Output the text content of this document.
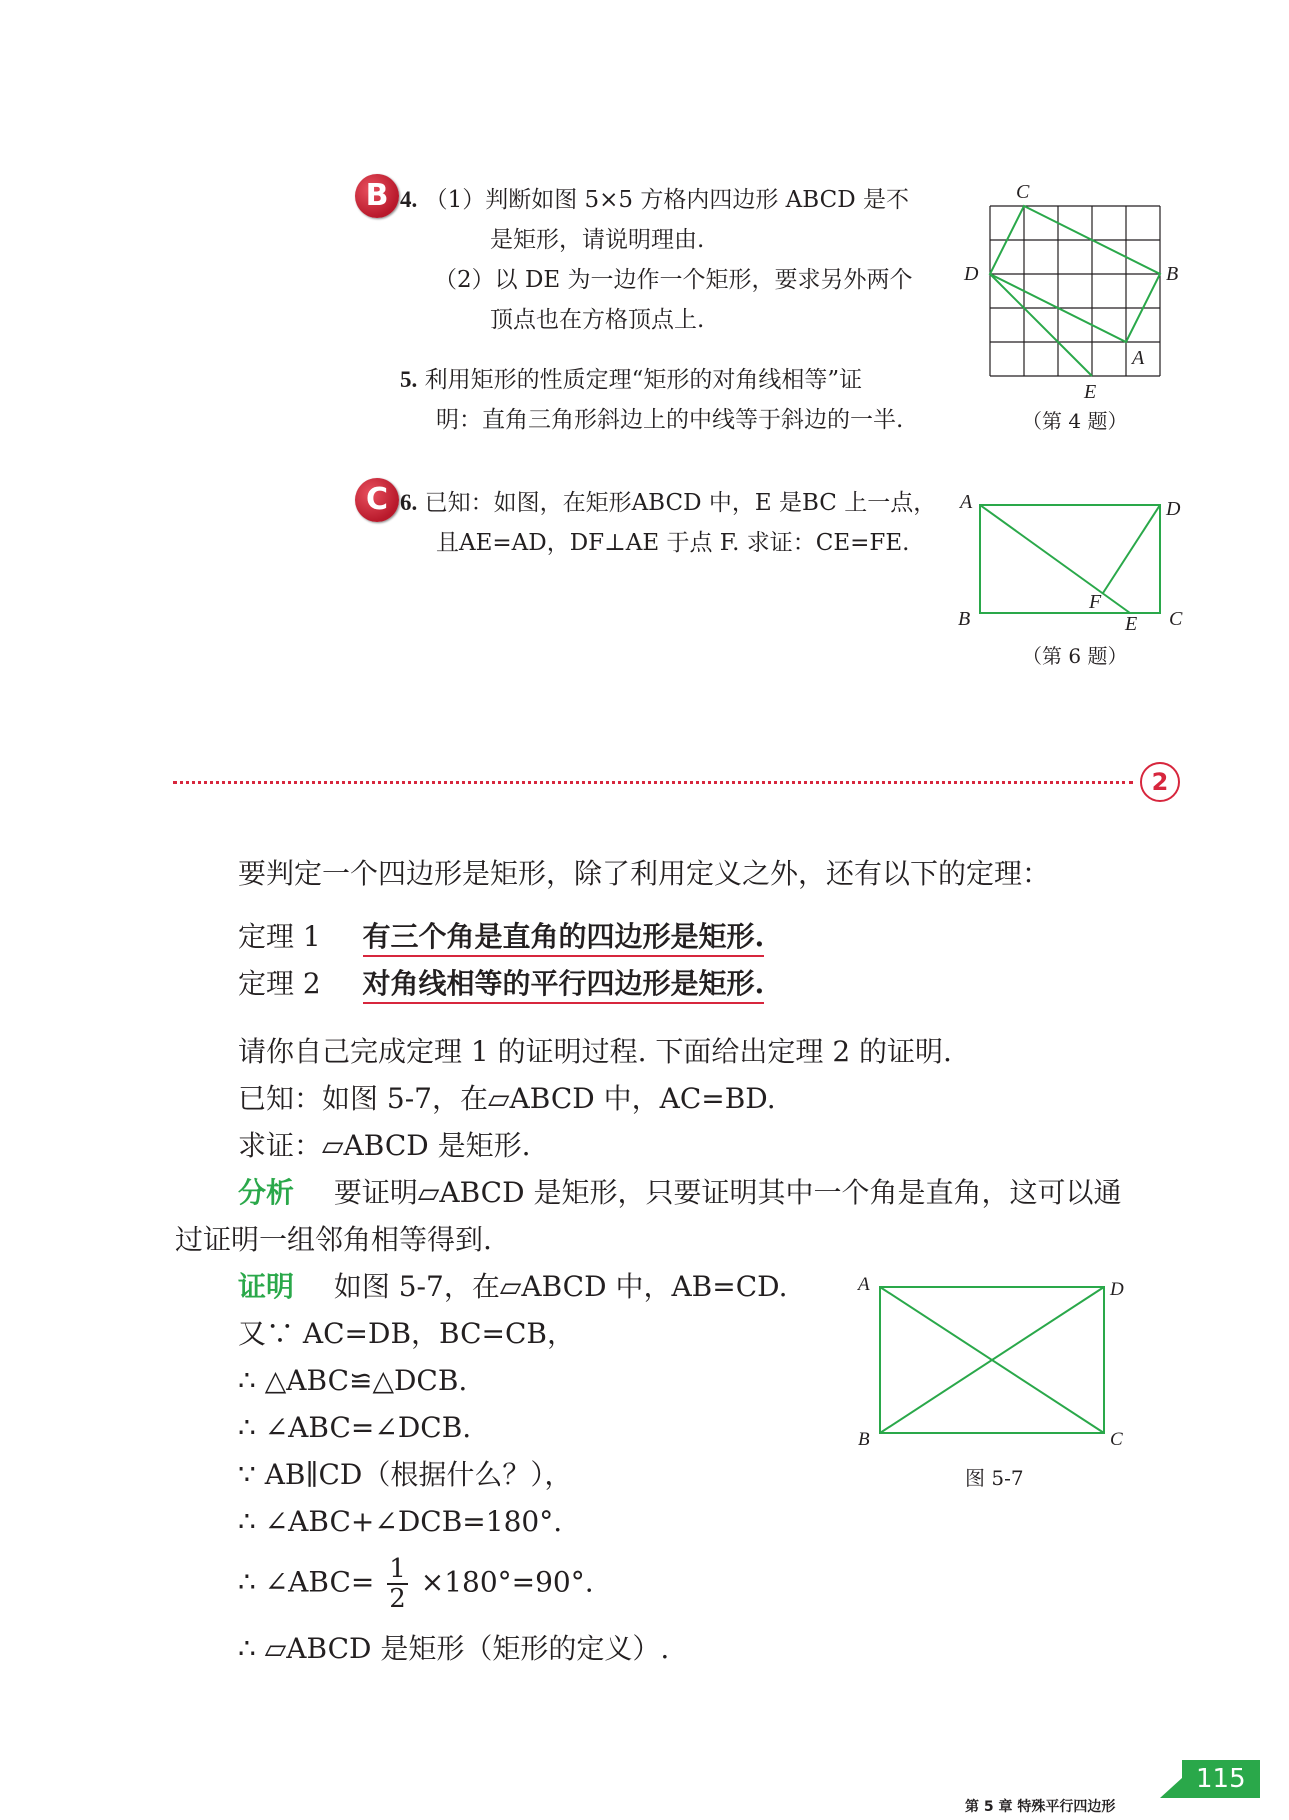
B 4. （1）判断如图 5×5 方格内四边形 ABCD 是不
是矩形，请说明理由.
（2）以 DE 为一边作一个矩形，要求另外两个
顶点也在方格顶点上.
C
D	B
A
E
（第 4 题）
5. 利用矩形的性质定理“矩形的对角线相等”证
明：直角三角形斜边上的中线等于斜边的一半.
C 6. 已知：如图，在矩形ABCD 中，E 是BC 上一点，
且AE=AD，DF⊥AE 于点 F. 求证：CE=FE.
A	D
B	C
E
F
（第 6 题）
2
要判定一个四边形是矩形，除了利用定义之外，还有以下的定理：
定理 1 有三个角是直角的四边形是矩形.
定理 2 对角线相等的平行四边形是矩形.
请你自己完成定理 1 的证明过程. 下面给出定理 2 的证明.
已知：如图 5-7，在▱ABCD 中，AC=BD.
求证：▱ABCD 是矩形.
分析 要证明▱ABCD 是矩形，只要证明其中一个角是直角，这可以通
过证明一组邻角相等得到.
证明 如图 5-7，在▱ABCD 中，AB=CD.
又∵ AC=DB，BC=CB，
∴ △ABC≌△DCB.
∴ ∠ABC=∠DCB.
∵ AB∥CD（根据什么？），
∴ ∠ABC+∠DCB=180°.
∴ ∠ABC= $\frac{1}{2} \times 180^\circ=90^\circ$.
∴ ▱ABCD 是矩形（矩形的定义）.
A	D
B	C
图 5-7
第 5 章 特殊平行四边形
115
